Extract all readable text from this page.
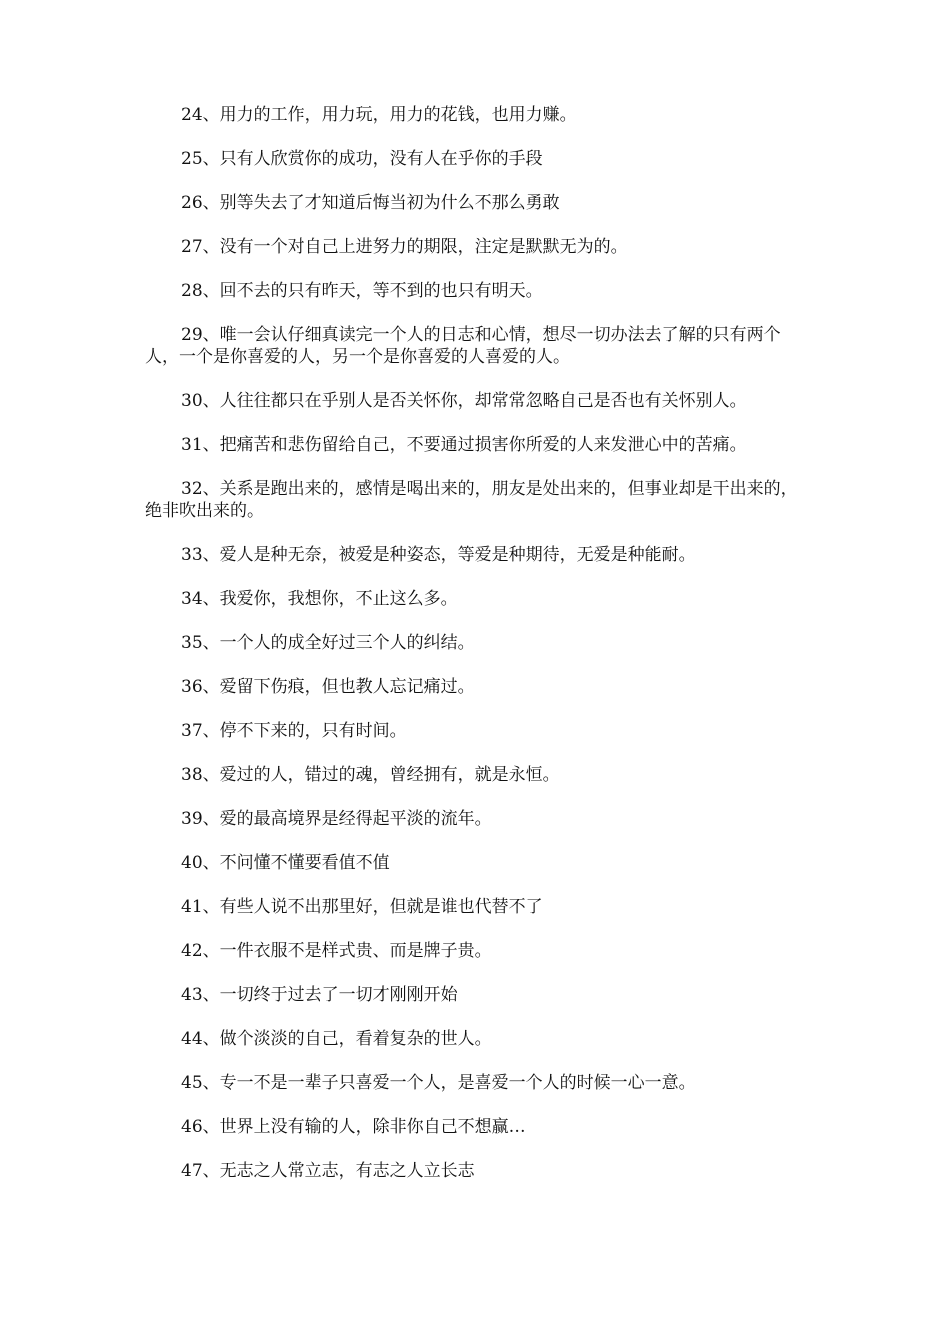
24、用力的工作，用力玩，用力的花钱，也用力赚。

25、只有人欣赏你的成功，没有人在乎你的手段

26、别等失去了才知道后悔当初为什么不那么勇敢

27、没有一个对自己上进努力的期限，注定是默默无为的。

28、回不去的只有昨天，等不到的也只有明天。

29、唯一会认仔细真读完一个人的日志和心情，想尽一切办法去了解的只有两个人，一个是你喜爱的人，另一个是你喜爱的人喜爱的人。

30、人往往都只在乎别人是否关怀你，却常常忽略自己是否也有关怀别人。

31、把痛苦和悲伤留给自己，不要通过损害你所爱的人来发泄心中的苦痛。

32、关系是跑出来的，感情是喝出来的，朋友是处出来的，但事业却是干出来的，绝非吹出来的。

33、爱人是种无奈，被爱是种姿态，等爱是种期待，无爱是种能耐。

34、我爱你，我想你，不止这么多。

35、一个人的成全好过三个人的纠结。

36、爱留下伤痕，但也教人忘记痛过。

37、停不下来的，只有时间。

38、爱过的人，错过的魂，曾经拥有，就是永恒。

39、爱的最高境界是经得起平淡的流年。

40、不问懂不懂要看值不值

41、有些人说不出那里好，但就是谁也代替不了

42、一件衣服不是样式贵、而是牌子贵。

43、一切终于过去了一切才刚刚开始

44、做个淡淡的自己，看着复杂的世人。

45、专一不是一辈子只喜爱一个人，是喜爱一个人的时候一心一意。

46、世界上没有输的人，除非你自己不想赢…

47、无志之人常立志，有志之人立长志
